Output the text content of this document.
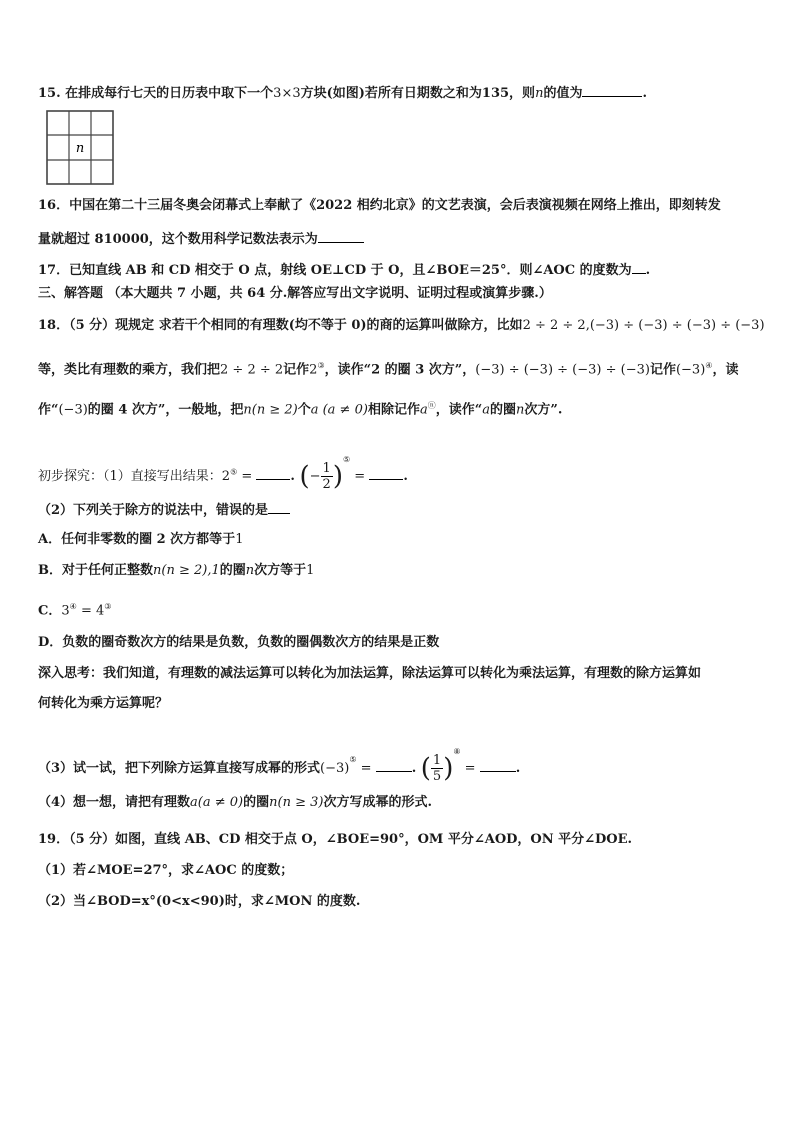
15. 在排成每行七天的日历表中取下一个3×3方块(如图)若所有日期数之和为135，则n的值为	.
n
16．中国在第二十三届冬奥会闭幕式上奉献了《2022 相约北京》的文艺表演，会后表演视频在网络上推出，即刻转发
量就超过 810000，这个数用科学记数法表示为
17．已知直线 AB 和 CD 相交于 O 点，射线 OE⊥CD 于 O，且∠BOE＝25°．则∠AOC 的度数为 .
三、解答题 （本大题共 7 小题，共 64 分.解答应写出文字说明、证明过程或演算步骤.）
18．（5 分）现规定 求若干个相同的有理数(均不等于 0)的商的运算叫做除方，比如2 ÷ 2 ÷ 2,(−3) ÷ (−3) ÷ (−3) ÷ (−3)
等，类比有理数的乘方，我们把2 ÷ 2 ÷ 2记作2③，读作“2 的圈 3 次方”，(−3) ÷ (−3) ÷ (−3) ÷ (−3)记作(−3)④，读
作“(−3)的圈 4 次方”，一般地，把n(n ≥ 2)个a (a ≠ 0)相除记作aⓝ，读作“a的圈n次方”.
初步探究：（1）直接写出结果：2⑤ =	. (− $\frac{1}{2} )^⑤$ =	.
（2）下列关于除方的说法中，错误的是
A．任何非零数的圈 2 次方都等于1
B．对于任何正整数n(n ≥ 2),1的圈n次方等于1
C．3④ = 4③
D．负数的圈奇数次方的结果是负数，负数的圈偶数次方的结果是正数
深入思考：我们知道，有理数的减法运算可以转化为加法运算，除法运算可以转化为乘法运算，有理数的除方运算如
何转化为乘方运算呢？
（3）试一试，把下列除方运算直接写成幂的形式(−3)⑤ =	. ( $\frac{1}{5} )^⑧$ =	.
（4）想一想，请把有理数a(a ≠ 0)的圈n(n ≥ 3)次方写成幂的形式.
19．（5 分）如图，直线 AB、CD 相交于点 O，∠BOE=90°，OM 平分∠AOD，ON 平分∠DOE.
（1）若∠MOE=27°，求∠AOC 的度数；
（2）当∠BOD=x°(0<x<90)时，求∠MON 的度数.
